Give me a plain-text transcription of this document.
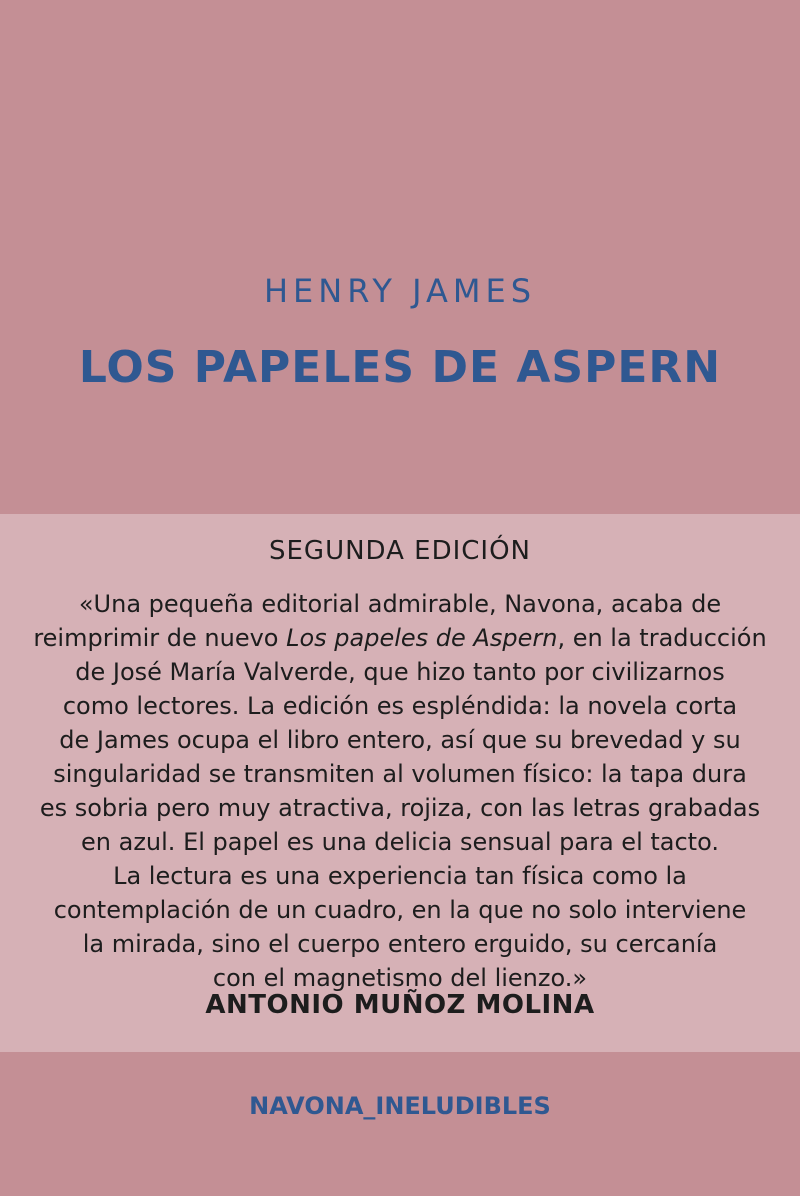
HENRY JAMES
LOS PAPELES DE ASPERN
SEGUNDA EDICIÓN
«Una pequeña editorial admirable, Navona, acaba de
reimprimir de nuevo Los papeles de Aspern, en la traducción
de José María Valverde, que hizo tanto por civilizarnos
como lectores. La edición es espléndida: la novela corta
de James ocupa el libro entero, así que su brevedad y su
singularidad se transmiten al volumen físico: la tapa dura
es sobria pero muy atractiva, rojiza, con las letras grabadas
en azul. El papel es una delicia sensual para el tacto.
La lectura es una experiencia tan física como la
contemplación de un cuadro, en la que no solo interviene
la mirada, sino el cuerpo entero erguido, su cercanía
con el magnetismo del lienzo.»
ANTONIO MUÑOZ MOLINA
NAVONA_INELUDIBLES
